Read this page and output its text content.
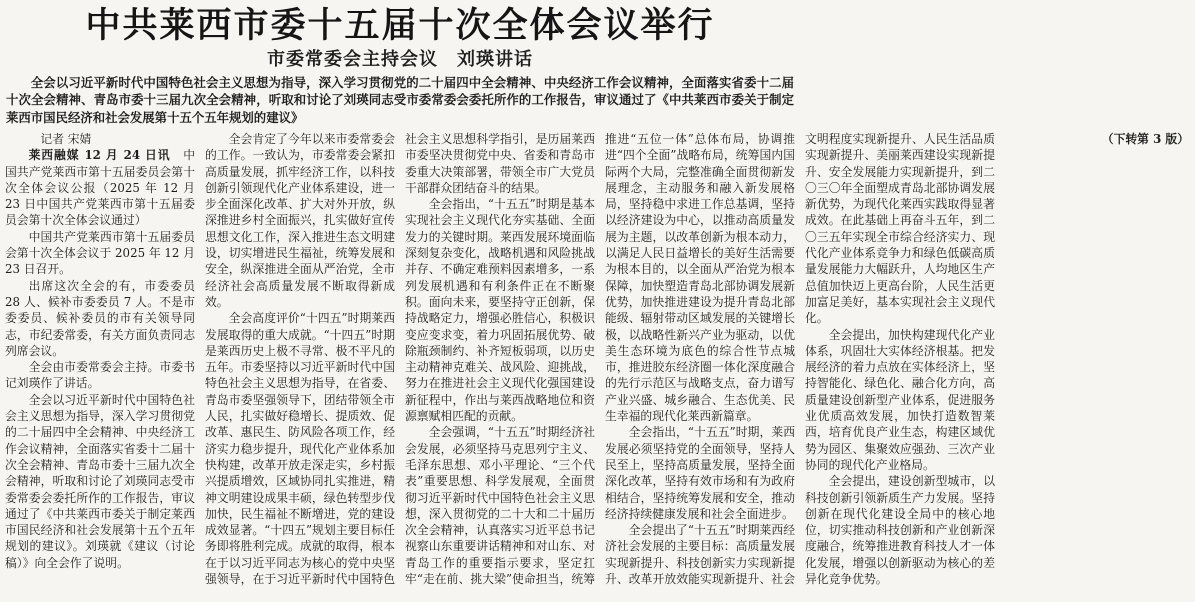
中共莱西市委十五届十次全体会议举行
市委常委会主持会议　刘瑛讲话

全会以习近平新时代中国特色社会主义思想为指导，深入学习贯彻党的二十届四中全会精神、中央经济工作会议精神，全面落实省委十二届十次全会精神、青岛市委十三届九次全会精神，听取和讨论了刘瑛同志受市委常委会委托所作的工作报告，审议通过了《中共莱西市委关于制定莱西市国民经济和社会发展第十五个五年规划的建议》

记者 宋婧

莱西融媒 12 月 24 日讯　中国共产党莱西市第十五届委员会第十次全体会议公报（2025 年 12 月 23 日中国共产党莱西市第十五届委员会第十次全体会议通过）

中国共产党莱西市第十五届委员会第十次全体会议于 2025 年 12 月 23 日召开。

出席这次全会的有，市委委员 28 人、候补市委委员 7 人。不是市委委员、候补委员的市有关领导同志，市纪委常委，有关方面负责同志列席会议。

全会由市委常委会主持。市委书记刘瑛作了讲话。

全会以习近平新时代中国特色社会主义思想为指导，深入学习贯彻党的二十届四中全会精神、中央经济工作会议精神，全面落实省委十二届十次全会精神、青岛市委十三届九次全会精神，听取和讨论了刘瑛同志受市委常委会委托所作的工作报告，审议通过了《中共莱西市委关于制定莱西市国民经济和社会发展第十五个五年规划的建议》。刘瑛就《建议（讨论稿）》向全会作了说明。

全会肯定了今年以来市委常委会的工作。一致认为，市委常委会紧扣高质量发展，抓牢经济工作，以科技创新引领现代化产业体系建设，进一步全面深化改革、扩大对外开放，纵深推进乡村全面振兴，扎实做好宣传思想文化工作，深入推进生态文明建设，切实增进民生福祉，统筹发展和安全，纵深推进全面从严治党，全市经济社会高质量发展不断取得新成效。

全会高度评价“十四五”时期莱西发展取得的重大成就。“十四五”时期是莱西历史上极不寻常、极不平凡的五年。市委坚持以习近平新时代中国特色社会主义思想为指导，在省委、青岛市委坚强领导下，团结带领全市人民，扎实做好稳增长、提质效、促改革、惠民生、防风险各项工作，经济实力稳步提升，现代化产业体系加快构建，改革开放走深走实，乡村振兴提质增效，区域协同扎实推进，精神文明建设成果丰硕，绿色转型步伐加快，民生福祉不断增进，党的建设成效显著。“十四五”规划主要目标任务即将胜利完成。成就的取得，根本在于以习近平同志为核心的党中央坚强领导，在于习近平新时代中国特色社会主义思想科学指引，是历届莱西市委坚决贯彻党中央、省委和青岛市委重大决策部署，带领全市广大党员干部群众团结奋斗的结果。

全会指出，“十五五”时期是基本实现社会主义现代化夯实基础、全面发力的关键时期。莱西发展环境面临深刻复杂变化，战略机遇和风险挑战并存、不确定难预料因素增多，一系列发展机遇和有利条件正在不断聚积。面向未来，要坚持守正创新，保持战略定力，增强必胜信心，积极识变应变求变，着力巩固拓展优势、破除瓶颈制约、补齐短板弱项，以历史主动精神克难关、战风险、迎挑战，努力在推进社会主义现代化强国建设新征程中，作出与莱西战略地位和资源禀赋相匹配的贡献。

全会强调，“十五五”时期经济社会发展，必须坚持马克思列宁主义、毛泽东思想、邓小平理论、“三个代表”重要思想、科学发展观，全面贯彻习近平新时代中国特色社会主义思想，深入贯彻党的二十大和二十届历次全会精神，认真落实习近平总书记视察山东重要讲话精神和对山东、对青岛工作的重要指示要求，坚定扛牢“走在前、挑大梁”使命担当，统筹推进“五位一体”总体布局，协调推进“四个全面”战略布局，统筹国内国际两个大局，完整准确全面贯彻新发展理念，主动服务和融入新发展格局，坚持稳中求进工作总基调，坚持以经济建设为中心，以推动高质量发展为主题，以改革创新为根本动力，以满足人民日益增长的美好生活需要为根本目的，以全面从严治党为根本保障，加快塑造青岛北部协调发展新优势，加快推进建设为提升青岛北部能级、辐射带动区域发展的关键增长极，以战略性新兴产业为驱动，以优美生态环境为底色的综合性节点城市，推进胶东经济圈一体化深度融合的先行示范区与战略支点，奋力谱写产业兴盛、城乡融合、生态优美、民生幸福的现代化莱西新篇章。

全会指出，“十五五”时期，莱西发展必须坚持党的全面领导，坚持人民至上，坚持高质量发展，坚持全面深化改革，坚持有效市场和有为政府相结合，坚持统筹发展和安全，推动经济持续健康发展和社会全面进步。

全会提出了“十五五”时期莱西经济社会发展的主要目标：高质量发展实现新提升、科技创新实力实现新提升、改革开放效能实现新提升、社会文明程度实现新提升、人民生活品质实现新提升、美丽莱西建设实现新提升、安全发展能力实现新提升，到二〇三〇年全面塑成青岛北部协调发展新优势，为现代化莱西实践取得显著成效。在此基础上再奋斗五年，到二〇三五年实现全市综合经济实力、现代化产业体系竞争力和绿色低碳高质量发展能力大幅跃升，人均地区生产总值加快迈上更高台阶，人民生活更加富足美好，基本实现社会主义现代化。

全会提出，加快构建现代化产业体系，巩固壮大实体经济根基。把发展经济的着力点放在实体经济上，坚持智能化、绿色化、融合化方向，高质量建设创新型产业体系，促进服务业优质高效发展，加快打造数智莱西，培育优良产业生态，构建区域优势为园区、集聚效应强劲、三次产业协同的现代化产业格局。

全会提出，建设创新型城市，以科技创新引领新质生产力发展。坚持创新在现代化建设全局中的核心地位，切实推动科技创新和产业创新深度融合，统筹推进教育科技人才一体化发展，增强以创新驱动为核心的差异化竞争优势。

（下转第 3 版）
